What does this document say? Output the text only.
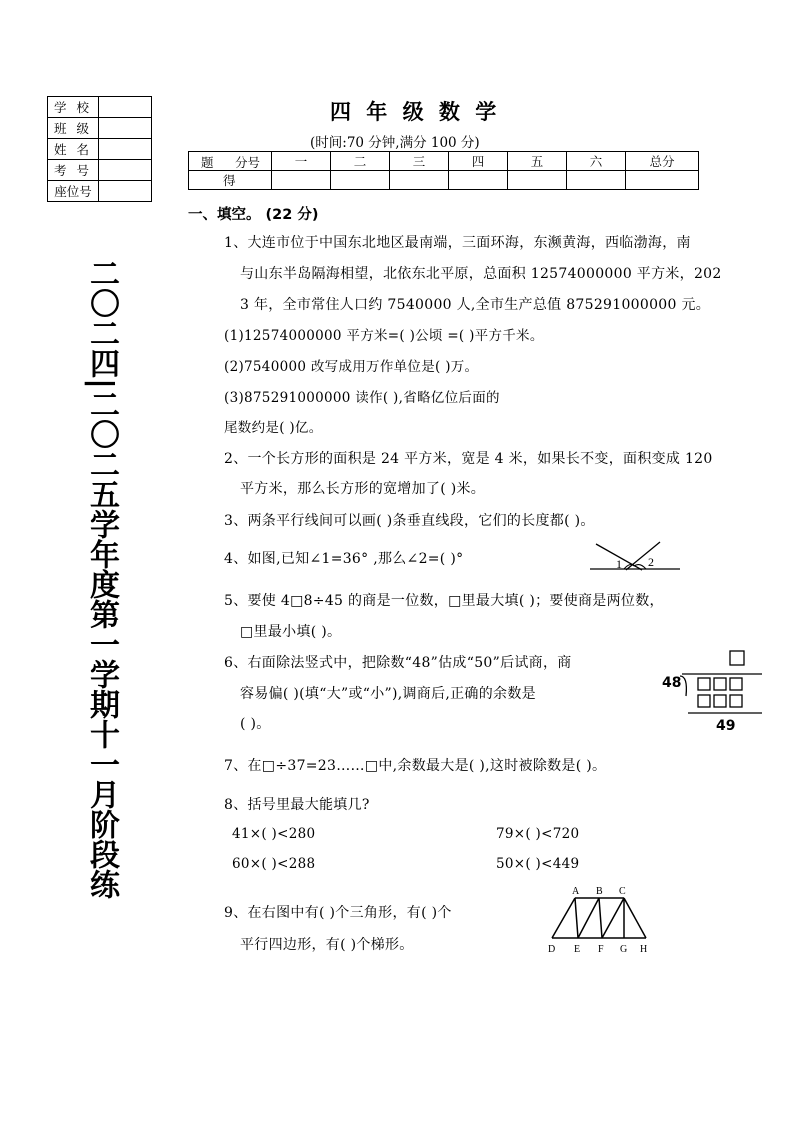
学 校	
班 级	
姓 名	
考 号	
座位号	
二〇二四|二〇二五学年度第一学期十一月阶段练
四 年 级 数 学
(时间:70 分钟,满分 100 分)
题 分号	一	二	三	四	五	六	总分
得							
一、填空。 (22 分)
1、大连市位于中国东北地区最南端，三面环海，东濒黄海，西临渤海，南
与山东半岛隔海相望，北依东北平原，总面积 12574000000 平方米，202
3 年，全市常住人口约 7540000 人,全市生产总值 875291000000 元。
(1)12574000000 平方米=( )公顷 =( )平方千米。
(2)7540000 改写成用万作单位是( )万。
(3)875291000000 读作( ),省略亿位后面的
尾数约是( )亿。
2、一个长方形的面积是 24 平方米，宽是 4 米，如果长不变，面积变成 120
平方米，那么长方形的宽增加了( )米。
3、两条平行线间可以画( )条垂直线段，它们的长度都( )。
4、如图,已知∠1=36° ,那么∠2=( )°	1 2
5、要使 4□8÷45 的商是一位数，□里最大填( )；要使商是两位数，
□里最小填( )。
6、右面除法竖式中，把除数“48”估成“50”后试商，商
容易偏( )(填“大”或“小”),调商后,正确的余数是
( )。
48
49
7、在□÷37=23……□中,余数最大是( ),这时被除数是( )。
8、括号里最大能填几?
41×( )<280	79×( )<720
60×( )<288	50×( )<449
9、在右图中有( )个三角形，有( )个
平行四边形，有( )个梯形。
A B C
D E F G H
